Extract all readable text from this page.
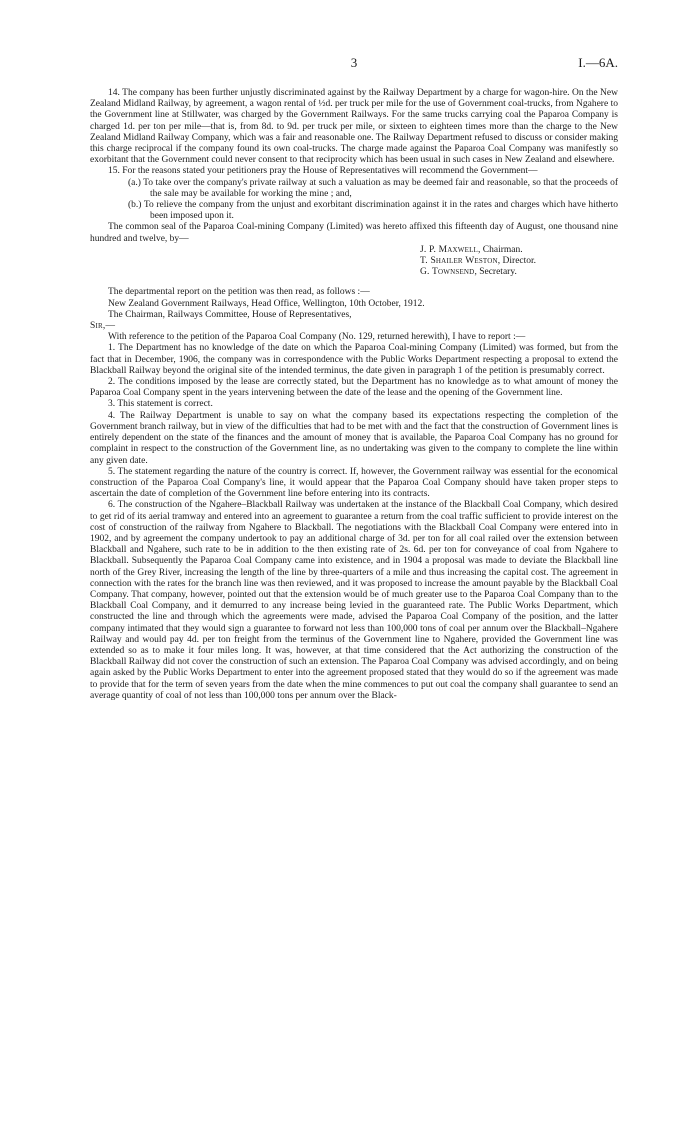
3	I.—6A.

14. The company has been further unjustly discriminated against by the Railway Department by a charge for wagon-hire. On the New Zealand Midland Railway, by agreement, a wagon rental of ½d. per truck per mile for the use of Government coal-trucks, from Ngahere to the Government line at Stillwater, was charged by the Government Railways. For the same trucks carrying coal the Paparoa Company is charged 1d. per ton per mile—that is, from 8d. to 9d. per truck per mile, or sixteen to eighteen times more than the charge to the New Zealand Midland Railway Company, which was a fair and reasonable one. The Railway Department refused to discuss or consider making this charge reciprocal if the company found its own coal-trucks. The charge made against the Paparoa Coal Company was manifestly so exorbitant that the Government could never consent to that reciprocity which has been usual in such cases in New Zealand and elsewhere.

15. For the reasons stated your petitioners pray the House of Representatives will recommend the Government—

(a.) To take over the company's private railway at such a valuation as may be deemed fair and reasonable, so that the proceeds of the sale may be available for working the mine ; and,

(b.) To relieve the company from the unjust and exorbitant discrimination against it in the rates and charges which have hitherto been imposed upon it.

The common seal of the Paparoa Coal-mining Company (Limited) was hereto affixed this fifteenth day of August, one thousand nine hundred and twelve, by—

J. P. Maxwell, Chairman.

T. Shailer Weston, Director.

G. Townsend, Secretary.

The departmental report on the petition was then read, as follows :—

New Zealand Government Railways, Head Office, Wellington, 10th October, 1912.

The Chairman, Railways Committee, House of Representatives,

Sir,—

With reference to the petition of the Paparoa Coal Company (No. 129, returned herewith), I have to report :—

1. The Department has no knowledge of the date on which the Paparoa Coal-mining Company (Limited) was formed, but from the fact that in December, 1906, the company was in correspondence with the Public Works Department respecting a proposal to extend the Blackball Railway beyond the original site of the intended terminus, the date given in paragraph 1 of the petition is presumably correct.

2. The conditions imposed by the lease are correctly stated, but the Department has no knowledge as to what amount of money the Paparoa Coal Company spent in the years intervening between the date of the lease and the opening of the Government line.

3. This statement is correct.

4. The Railway Department is unable to say on what the company based its expectations respecting the completion of the Government branch railway, but in view of the difficulties that had to be met with and the fact that the construction of Government lines is entirely dependent on the state of the finances and the amount of money that is available, the Paparoa Coal Company has no ground for complaint in respect to the construction of the Government line, as no undertaking was given to the company to complete the line within any given date.

5. The statement regarding the nature of the country is correct. If, however, the Government railway was essential for the economical construction of the Paparoa Coal Company's line, it would appear that the Paparoa Coal Company should have taken proper steps to ascertain the date of completion of the Government line before entering into its contracts.

6. The construction of the Ngahere–Blackball Railway was undertaken at the instance of the Blackball Coal Company, which desired to get rid of its aerial tramway and entered into an agreement to guarantee a return from the coal traffic sufficient to provide interest on the cost of construction of the railway from Ngahere to Blackball. The negotiations with the Blackball Coal Company were entered into in 1902, and by agreement the company undertook to pay an additional charge of 3d. per ton for all coal railed over the extension between Blackball and Ngahere, such rate to be in addition to the then existing rate of 2s. 6d. per ton for conveyance of coal from Ngahere to Blackball. Subsequently the Paparoa Coal Company came into existence, and in 1904 a proposal was made to deviate the Blackball line north of the Grey River, increasing the length of the line by three-quarters of a mile and thus increasing the capital cost. The agreement in connection with the rates for the branch line was then reviewed, and it was proposed to increase the amount payable by the Blackball Coal Company. That company, however, pointed out that the extension would be of much greater use to the Paparoa Coal Company than to the Blackball Coal Company, and it demurred to any increase being levied in the guaranteed rate. The Public Works Department, which constructed the line and through which the agreements were made, advised the Paparoa Coal Company of the position, and the latter company intimated that they would sign a guarantee to forward not less than 100,000 tons of coal per annum over the Blackball–Ngahere Railway and would pay 4d. per ton freight from the terminus of the Government line to Ngahere, provided the Government line was extended so as to make it four miles long. It was, however, at that time considered that the Act authorizing the construction of the Blackball Railway did not cover the construction of such an extension. The Paparoa Coal Company was advised accordingly, and on being again asked by the Public Works Department to enter into the agreement proposed stated that they would do so if the agreement was made to provide that for the term of seven years from the date when the mine commences to put out coal the company shall guarantee to send an average quantity of coal of not less than 100,000 tons per annum over the Black-
